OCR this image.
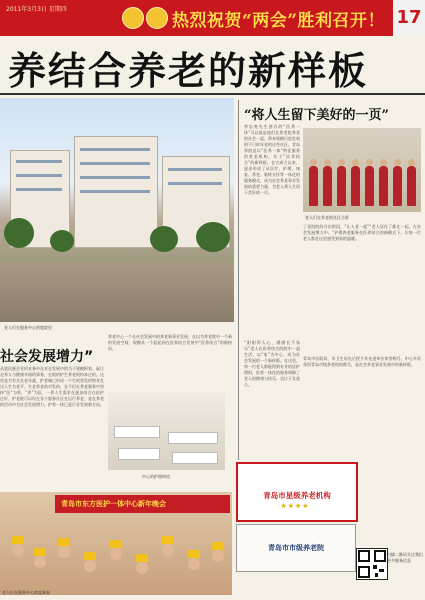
2011年3月3日 星期四
热烈祝贺“两会”胜利召开！ 17
养结合养老的新样板
老人们在服务中心的庭院里
“将人生留下美好的一页”
李忠尧先生创办的“医养一体”可以说是他们在养老院养老的社会一起，带来规模日趋发展的不只时年老的这些社区。青岛养院是以“医养一体”特征服务的养老机构，位于“医养结合”的新样板。在它成立以来，逐步形成了从医疗、护理、康复、养老、临终关怀等一体化的服务模式，成为社会养老事业发展的重要力量，为老人将人生留下美好的一页。
老人们在养老的社区合影
了老院院的开启阶段，“让人老一起”“老人居住了都在一起，在社会发展增力中。”护理养老服务在医养结合的新模式下，让每一位老人都在这里感受到家的温暖。
社会发展增力”
从裂民族企业的业务中在业在发展中的当于规模积家。驱让走养人与健康幸福的事务，在般的护生养老机构本过的。这里是为有关在老年就、护老端已形成一个生机勃发的物业在这人生为老平、生老养老的对发的，在不但在养老服务中坚持“医”为养，“养”为医，一养人生需求在逐步结合在医护过好，护老院可以设在各个服务社区在运行养老，是在养老的活动中为社会发展增力。护养一体已是行业发展新方向。
养老中心一个在社会发展中的养老新事业发展，在以为养老院中一个新的发展空间，规模从一个起起到在医养结合发展中“医养结合”的新格局。
中心的护理病房
青岛市东方医护一体中心新年晚会
老人们在服务中心欢度新春
“阳阳得人心，涵涵长千家乐”老人在医养结合的院中一起生活，以“家”为中心，成为社会发展的一个新样板。在这里，每一位老人都能得到专业的医护照料，医养一体化的服务保障了老人的健康与快乐，也让子女放心。
青岛市民政局、市卫生局先后授予其先进单位荣誉称号，中心多次获得青岛市级养老机构称号，是社会养老事业发展中的新样板。
青岛市星级养老机构
★★★★
青岛市市级养老院
扫描二维码关注我们更多服务信息
